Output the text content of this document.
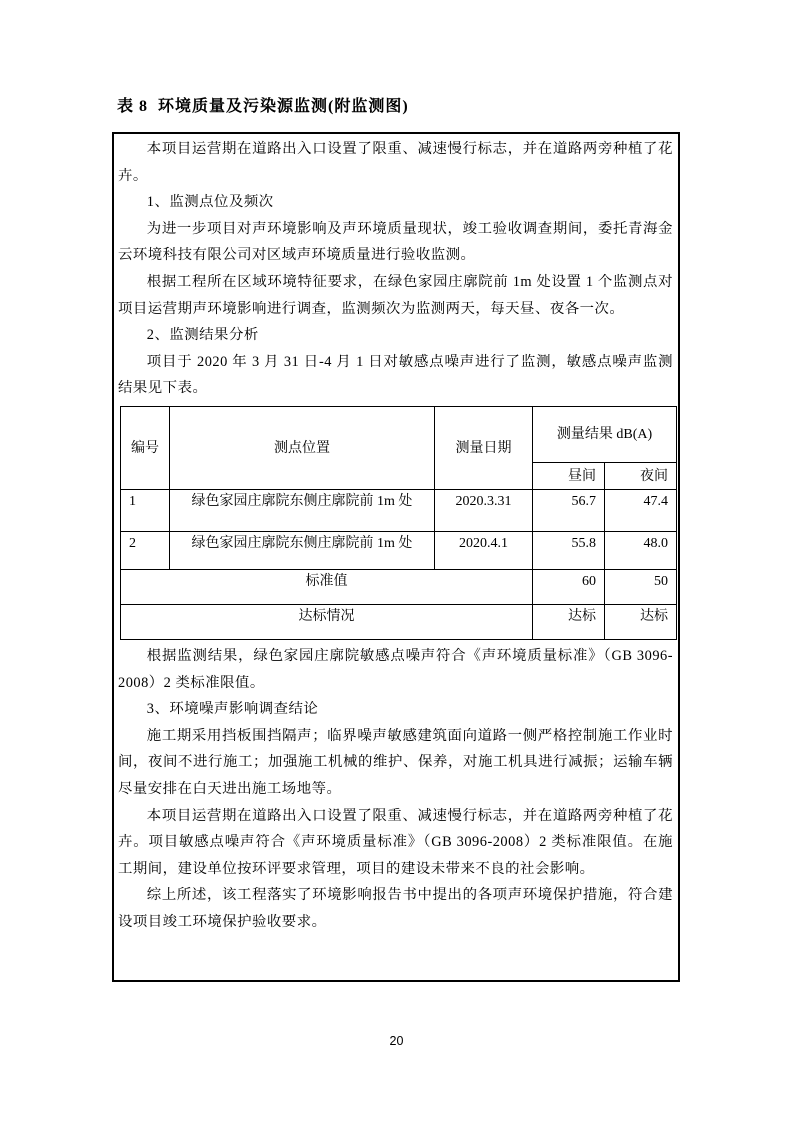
表 8  环境质量及污染源监测(附监测图)

本项目运营期在道路出入口设置了限重、减速慢行标志，并在道路两旁种植了花卉。

1、监测点位及频次

为进一步项目对声环境影响及声环境质量现状，竣工验收调查期间，委托青海金云环境科技有限公司对区域声环境质量进行验收监测。

根据工程所在区域环境特征要求，在绿色家园庄廓院前 1m 处设置 1 个监测点对项目运营期声环境影响进行调查，监测频次为监测两天，每天昼、夜各一次。

2、监测结果分析

项目于 2020 年 3 月 31 日-4 月 1 日对敏感点噪声进行了监测，敏感点噪声监测结果见下表。

编号	测点位置	测量日期	测量结果 dB(A)	
			昼间	夜间
1	绿色家园庄廓院东侧庄廓院前 1m 处	2020.3.31	56.7	47.4
2	绿色家园庄廓院东侧庄廓院前 1m 处	2020.4.1	55.8	48.0
标准值			60	50
达标情况			达标	达标

根据监测结果，绿色家园庄廓院敏感点噪声符合《声环境质量标准》（GB 3096-2008）2 类标准限值。

3、环境噪声影响调查结论

施工期采用挡板围挡隔声；临界噪声敏感建筑面向道路一侧严格控制施工作业时间，夜间不进行施工；加强施工机械的维护、保养，对施工机具进行减振；运输车辆尽量安排在白天进出施工场地等。

本项目运营期在道路出入口设置了限重、减速慢行标志，并在道路两旁种植了花卉。项目敏感点噪声符合《声环境质量标准》（GB 3096-2008）2 类标准限值。在施工期间，建设单位按环评要求管理，项目的建设未带来不良的社会影响。

综上所述，该工程落实了环境影响报告书中提出的各项声环境保护措施，符合建设项目竣工环境保护验收要求。

20
